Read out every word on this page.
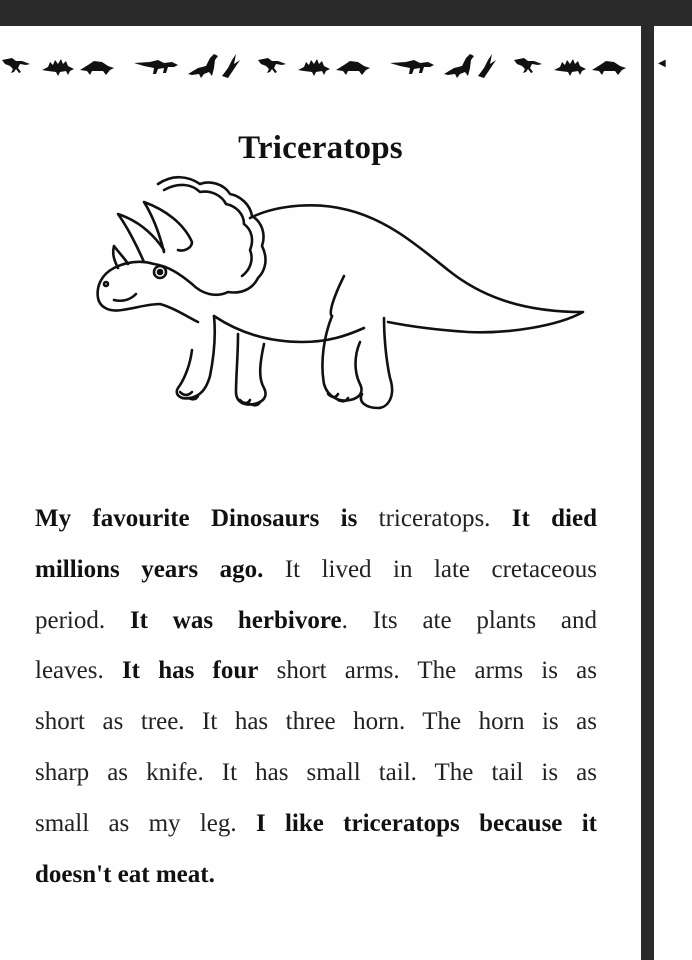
Triceratops
My favourite Dinosaurs is triceratops. It died
millions years ago. It lived in late cretaceous
period. It was herbivore. Its ate plants and
leaves. It has four short arms. The arms is as
short as tree. It has three horn. The horn is as
sharp as knife. It has small tail. The tail is as
small as my leg. I like triceratops because it
doesn't eat meat.
◀
